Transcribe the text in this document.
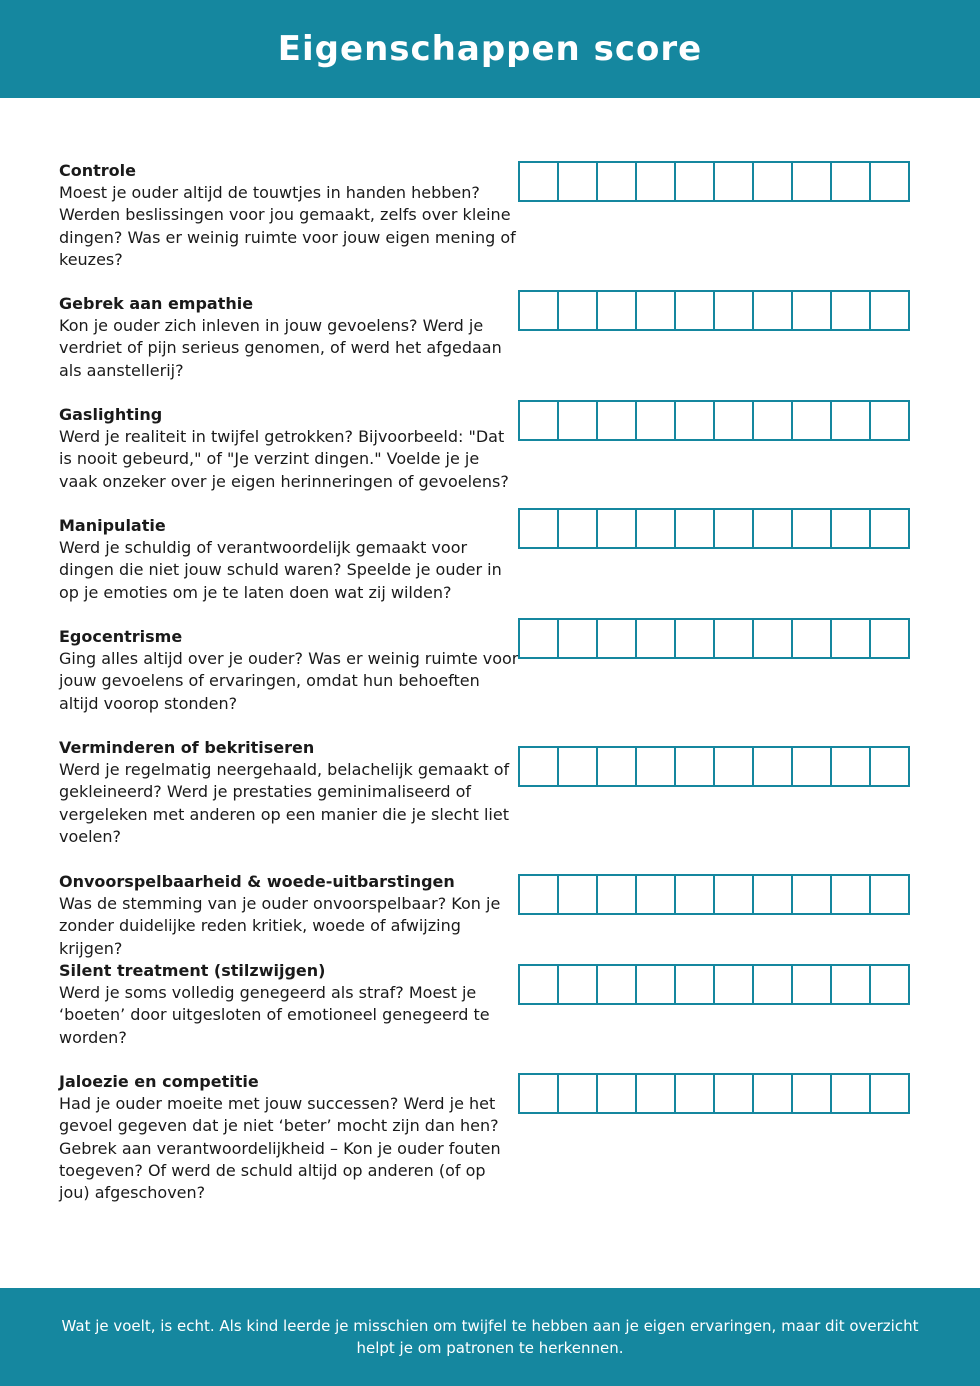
Eigenschappen score
Controle
Moest je ouder altijd de touwtjes in handen hebben? Werden beslissingen voor jou gemaakt, zelfs over kleine dingen? Was er weinig ruimte voor jouw eigen mening of keuzes?
Gebrek aan empathie
Kon je ouder zich inleven in jouw gevoelens? Werd je verdriet of pijn serieus genomen, of werd het afgedaan als aanstellerij?
Gaslighting
Werd je realiteit in twijfel getrokken? Bijvoorbeeld: "Dat is nooit gebeurd," of "Je verzint dingen." Voelde je je vaak onzeker over je eigen herinneringen of gevoelens?
Manipulatie
Werd je schuldig of verantwoordelijk gemaakt voor dingen die niet jouw schuld waren? Speelde je ouder in op je emoties om je te laten doen wat zij wilden?
Egocentrisme
Ging alles altijd over je ouder? Was er weinig ruimte voor jouw gevoelens of ervaringen, omdat hun behoeften altijd voorop stonden?
Verminderen of bekritiseren
Werd je regelmatig neergehaald, belachelijk gemaakt of gekleineerd? Werd je prestaties geminimaliseerd of vergeleken met anderen op een manier die je slecht liet voelen?
Onvoorspelbaarheid & woede-uitbarstingen
Was de stemming van je ouder onvoorspelbaar? Kon je zonder duidelijke reden kritiek, woede of afwijzing krijgen?
Silent treatment (stilzwijgen)
Werd je soms volledig genegeerd als straf? Moest je ‘boeten’ door uitgesloten of emotioneel genegeerd te worden?
Jaloezie en competitie
Had je ouder moeite met jouw successen? Werd je het gevoel gegeven dat je niet ‘beter’ mocht zijn dan hen? Gebrek aan verantwoordelijkheid – Kon je ouder fouten toegeven? Of werd de schuld altijd op anderen (of op jou) afgeschoven?

Wat je voelt, is echt. Als kind leerde je misschien om twijfel te hebben aan je eigen ervaringen, maar dit overzicht helpt je om patronen te herkennen.
